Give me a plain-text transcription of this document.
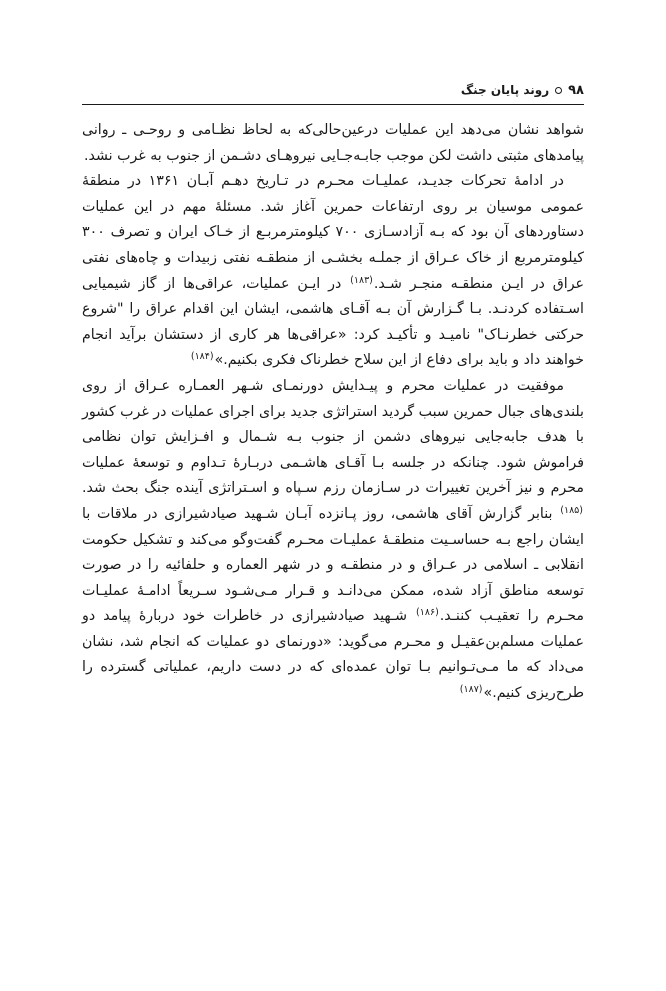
۹۸
روند پایان جنگ

شواهد نشان می‌دهد این عملیات درعین‌حالی‌که به لحاظ نظـامی و روحـی ـ روانی پیامدهای مثبتی داشت لکن موجب جابـه‌جـایی نیروهـای دشـمن از جنوب به غرب نشد.

در ادامۀ تحرکات جدیـد، عملیـات محـرم در تـاریخ دهـم آبـان ۱۳۶۱ در منطقۀ عمومی موسیان بر روی ارتفاعات حمرین آغاز شد. مسئلۀ مهم در این عملیات دستاوردهای آن بود که بـه آزادسـازی ۷۰۰ کیلومترمربـع از خـاک ایران و تصرف ۳۰۰ کیلومترمربع از خاک عـراق از جملـه بخشـی از منطقـه نفتی زبیدات و چاه‌های نفتی عراق در ایـن منطقـه منجـر شـد.$^{(۱۸۳)}$ در ایـن عملیات، عراقی‌ها از گاز شیمیایی اسـتفاده کردنـد. بـا گـزارش آن بـه آقـای هاشمی، ایشان این اقدام عراق را "شروع حرکتی خطرنـاک" نامیـد و تأکیـد کرد: «عراقی‌ها هر کاری از دستشان برآید انجام خواهند داد و باید برای دفاع از این سلاح خطرناک فکری بکنیم.»$^{(۱۸۴)}$

موفقیت در عملیات محرم و پیـدایش دورنمـای شـهر العمـاره عـراق از روی بلندی‌های جبال حمرین سبب گردید استراتژی جدید برای اجرای عملیات در غرب کشور با هدف جابه‌جایی نیروهای دشمن از جنوب بـه شـمال و افـزایش توان نظامی فراموش شود. چنانکه در جلسه بـا آقـای هاشـمی دربـارۀ تـداوم و توسعۀ عملیات محرم و نیز آخرین تغییرات در سـازمان رزم سـپاه و اسـتراتژی آینده جنگ بحث شد.$^{(۱۸۵)}$ بنابر گزارش آقای هاشمی، روز پـانزده آبـان شـهید صیادشیرازی در ملاقات با ایشان راجع بـه حساسـیت منطقـۀ عملیـات محـرم گفت‌وگو می‌کند و تشکیل حکومت انقلابی ـ اسلامی در عـراق و در منطقـه و در شهر العماره و حلفائیه را در صورت توسعه مناطق آزاد شده، ممکن می‌دانـد و قـرار مـی‌شـود سـریعاً ادامـۀ عملیـات محـرم را تعقیـب کننـد.$^{(۱۸۶)}$ شـهید صیادشیرازی در خاطرات خود دربارۀ پیامد دو عملیات مسلم‌بن‌عقیـل و محـرم می‌گوید: «دورنمای دو عملیات که انجام شد، نشان می‌داد که ما مـی‌تـوانیم بـا توان عمده‌ای که در دست داریم، عملیاتی گسترده را طرح‌ریزی کنیم.»$^{(۱۸۷)}$
